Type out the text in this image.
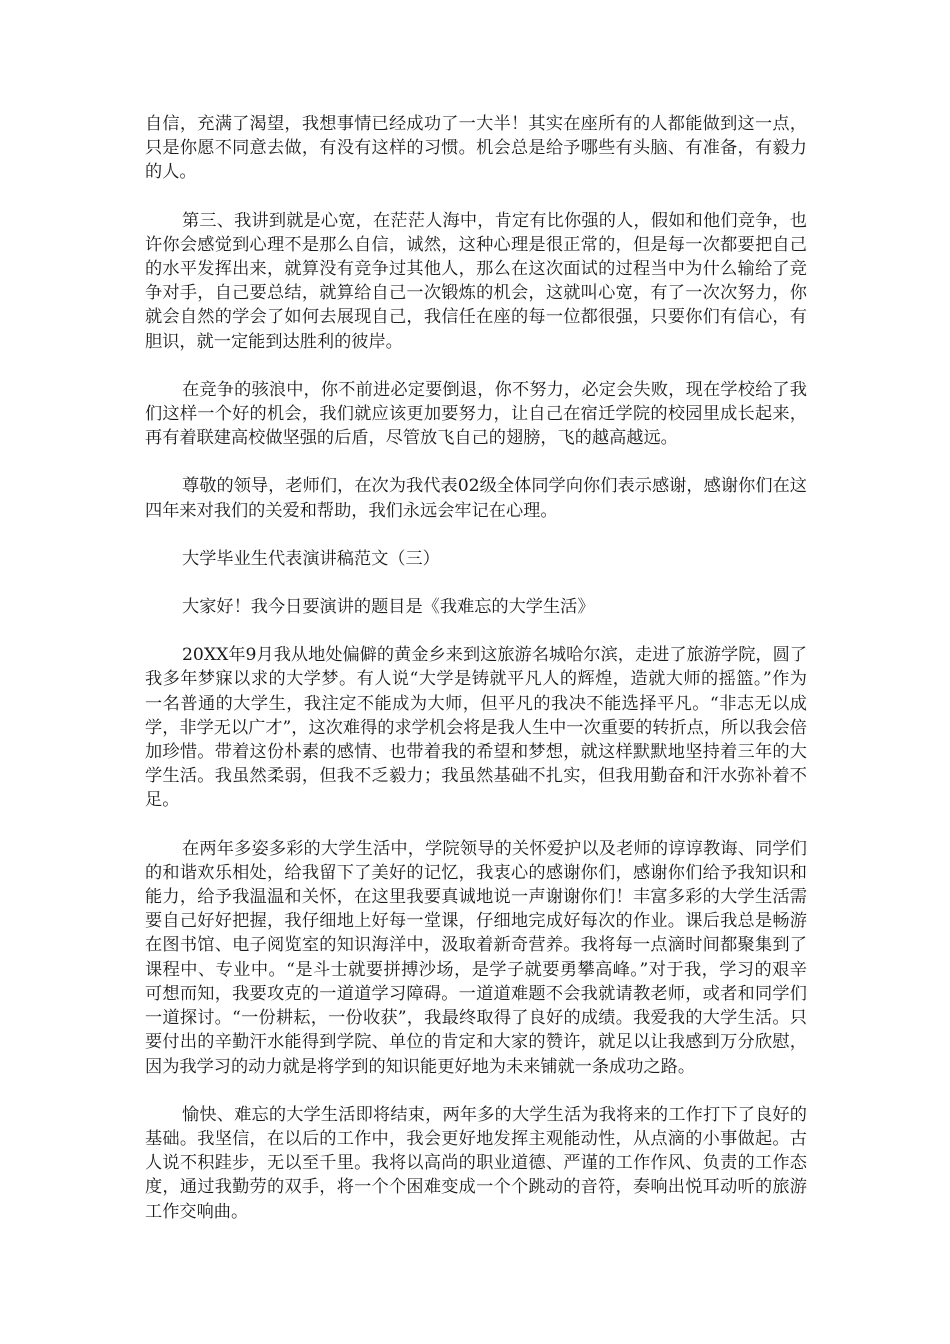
自信，充满了渴望，我想事情已经成功了一大半！其实在座所有的人都能做到这一点，只是你愿不同意去做，有没有这样的习惯。机会总是给予哪些有头脑、有准备，有毅力的人。

第三、我讲到就是心宽，在茫茫人海中，肯定有比你强的人，假如和他们竞争，也许你会感觉到心理不是那么自信，诚然，这种心理是很正常的，但是每一次都要把自己的水平发挥出来，就算没有竞争过其他人，那么在这次面试的过程当中为什么输给了竞争对手，自己要总结，就算给自己一次锻炼的机会，这就叫心宽，有了一次次努力，你就会自然的学会了如何去展现自己，我信任在座的每一位都很强，只要你们有信心，有胆识，就一定能到达胜利的彼岸。

在竞争的骇浪中，你不前进必定要倒退，你不努力，必定会失败，现在学校给了我们这样一个好的机会，我们就应该更加要努力，让自己在宿迁学院的校园里成长起来，再有着联建高校做坚强的后盾，尽管放飞自己的翅膀，飞的越高越远。

尊敬的领导，老师们，在次为我代表02级全体同学向你们表示感谢，感谢你们在这四年来对我们的关爱和帮助，我们永远会牢记在心理。

大学毕业生代表演讲稿范文（三）

大家好！我今日要演讲的题目是《我难忘的大学生活》

20XX年9月我从地处偏僻的黄金乡来到这旅游名城哈尔滨，走进了旅游学院，圆了我多年梦寐以求的大学梦。有人说“大学是铸就平凡人的辉煌，造就大师的摇篮。”作为一名普通的大学生，我注定不能成为大师，但平凡的我决不能选择平凡。“非志无以成学，非学无以广才”，这次难得的求学机会将是我人生中一次重要的转折点，所以我会倍加珍惜。带着这份朴素的感情、也带着我的希望和梦想，就这样默默地坚持着三年的大学生活。我虽然柔弱，但我不乏毅力；我虽然基础不扎实，但我用勤奋和汗水弥补着不足。

在两年多姿多彩的大学生活中，学院领导的关怀爱护以及老师的谆谆教诲、同学们的和谐欢乐相处，给我留下了美好的记忆，我衷心的感谢你们，感谢你们给予我知识和能力，给予我温温和关怀，在这里我要真诚地说一声谢谢你们！丰富多彩的大学生活需要自己好好把握，我仔细地上好每一堂课，仔细地完成好每次的作业。课后我总是畅游在图书馆、电子阅览室的知识海洋中，汲取着新奇营养。我将每一点滴时间都聚集到了课程中、专业中。“是斗士就要拼搏沙场，是学子就要勇攀高峰。”对于我，学习的艰辛可想而知，我要攻克的一道道学习障碍。一道道难题不会我就请教老师，或者和同学们一道探讨。“一份耕耘，一份收获”，我最终取得了良好的成绩。我爱我的大学生活。只要付出的辛勤汗水能得到学院、单位的肯定和大家的赞许，就足以让我感到万分欣慰，因为我学习的动力就是将学到的知识能更好地为未来铺就一条成功之路。

愉快、难忘的大学生活即将结束，两年多的大学生活为我将来的工作打下了良好的基础。我坚信，在以后的工作中，我会更好地发挥主观能动性，从点滴的小事做起。古人说不积跬步，无以至千里。我将以高尚的职业道德、严谨的工作作风、负责的工作态度，通过我勤劳的双手，将一个个困难变成一个个跳动的音符，奏响出悦耳动听的旅游工作交响曲。
